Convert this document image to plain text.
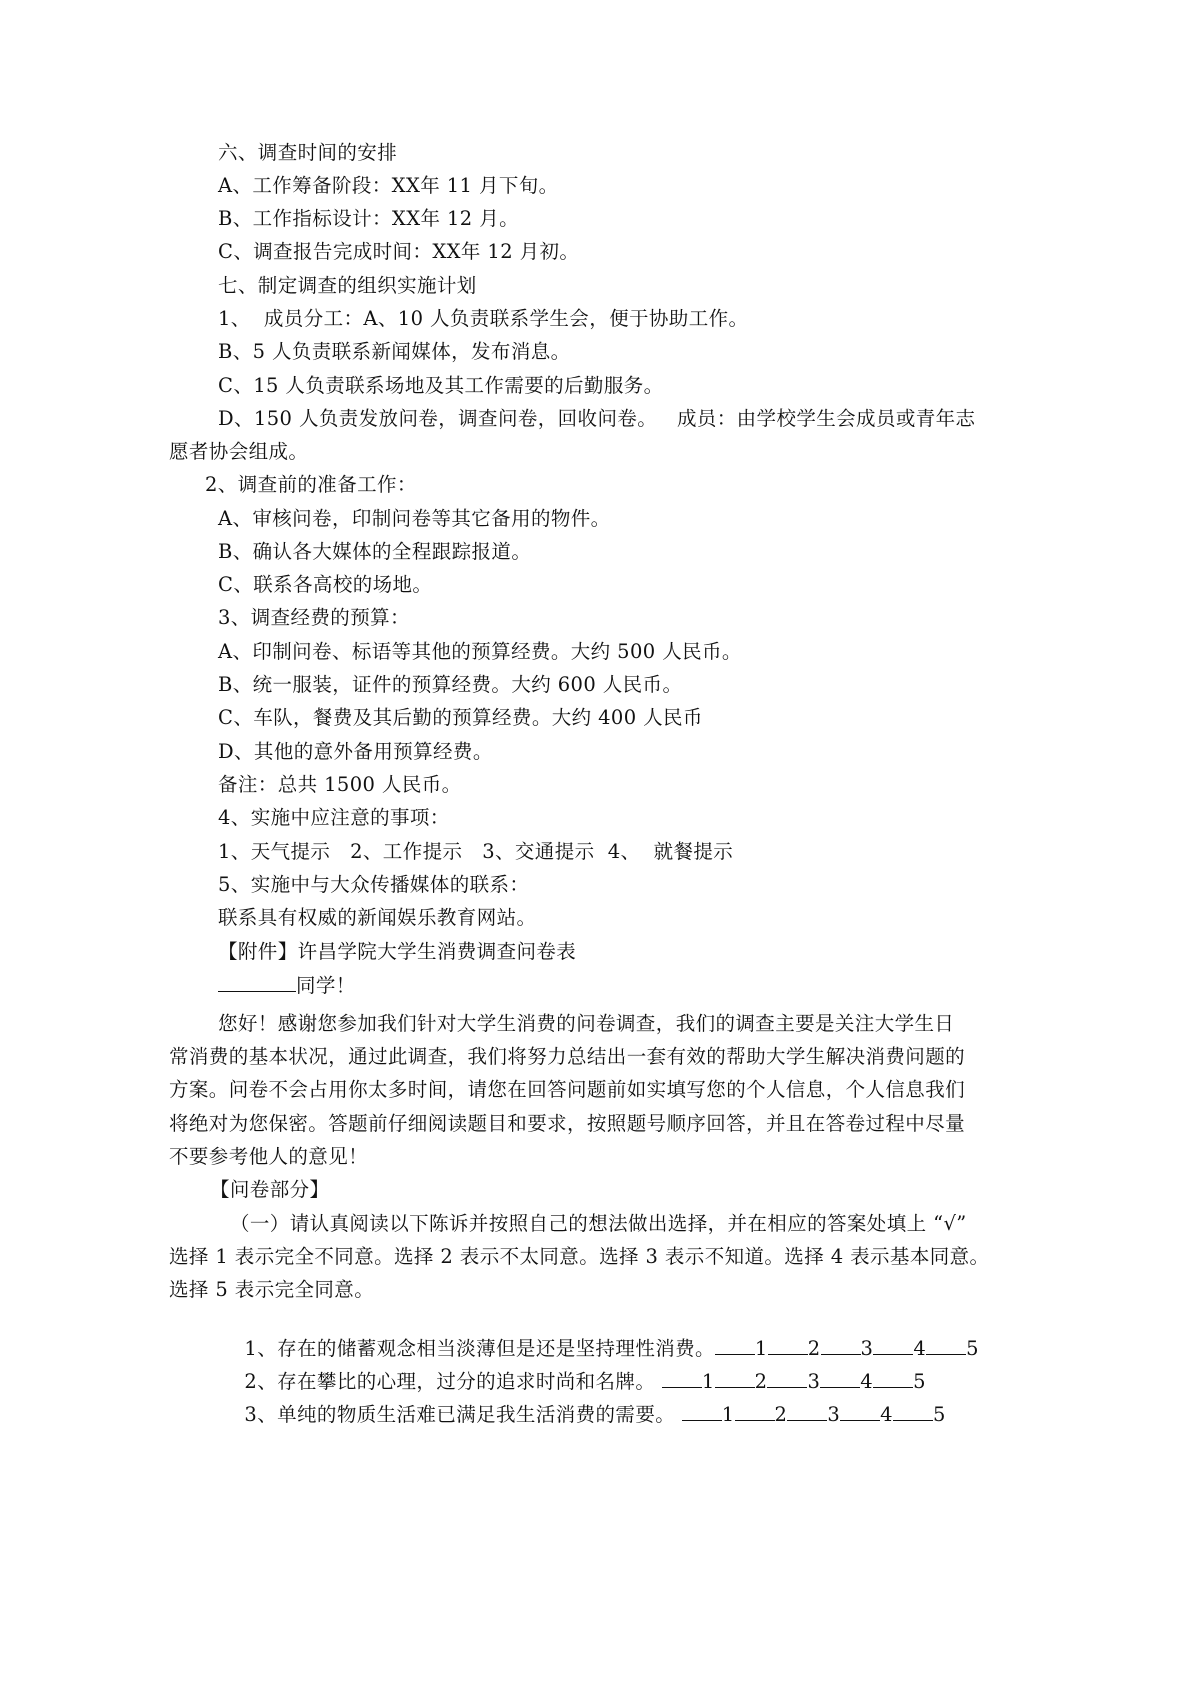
六、调查时间的安排
A、工作筹备阶段：XX年 11 月下旬。
B、工作指标设计：XX年 12 月。
C、调查报告完成时间：XX年 12 月初。
七、制定调查的组织实施计划
1、  成员分工：A、10 人负责联系学生会，便于协助工作。
B、5 人负责联系新闻媒体，发布消息。
C、15 人负责联系场地及其工作需要的后勤服务。
D、150 人负责发放问卷，调查问卷，回收问卷。   成员：由学校学生会成员或青年志
愿者协会组成。
2、调查前的准备工作：
A、审核问卷，印制问卷等其它备用的物件。
B、确认各大媒体的全程跟踪报道。
C、联系各高校的场地。
3、调查经费的预算：
A、印制问卷、标语等其他的预算经费。大约 500 人民币。
B、统一服装，证件的预算经费。大约 600 人民币。
C、车队，餐费及其后勤的预算经费。大约 400 人民币
D、其他的意外备用预算经费。
备注：总共 1500 人民币。
4、实施中应注意的事项：
1、天气提示   2、工作提示   3、交通提示  4、  就餐提示
5、实施中与大众传播媒体的联系：
联系具有权威的新闻娱乐教育网站。
【附件】许昌学院大学生消费调查问卷表
同学！
您好！感谢您参加我们针对大学生消费的问卷调查，我们的调查主要是关注大学生日
常消费的基本状况，通过此调查，我们将努力总结出一套有效的帮助大学生解决消费问题的
方案。问卷不会占用你太多时间，请您在回答问题前如实填写您的个人信息，个人信息我们
将绝对为您保密。答题前仔细阅读题目和要求，按照题号顺序回答，并且在答卷过程中尽量
不要参考他人的意见！
【问卷部分】
（一）请认真阅读以下陈诉并按照自己的想法做出选择，并在相应的答案处填上 “√”
选择 1 表示完全不同意。选择 2 表示不太同意。选择 3 表示不知道。选择 4 表示基本同意。
选择 5 表示完全同意。

1、存在的储蓄观念相当淡薄但是还是坚持理性消费。 1 2 3 4 5

2、存在攀比的心理，过分的追求时尚和名牌。 1 2 3 4 5

3、单纯的物质生活难已满足我生活消费的需要。 1 2 3 4 5
